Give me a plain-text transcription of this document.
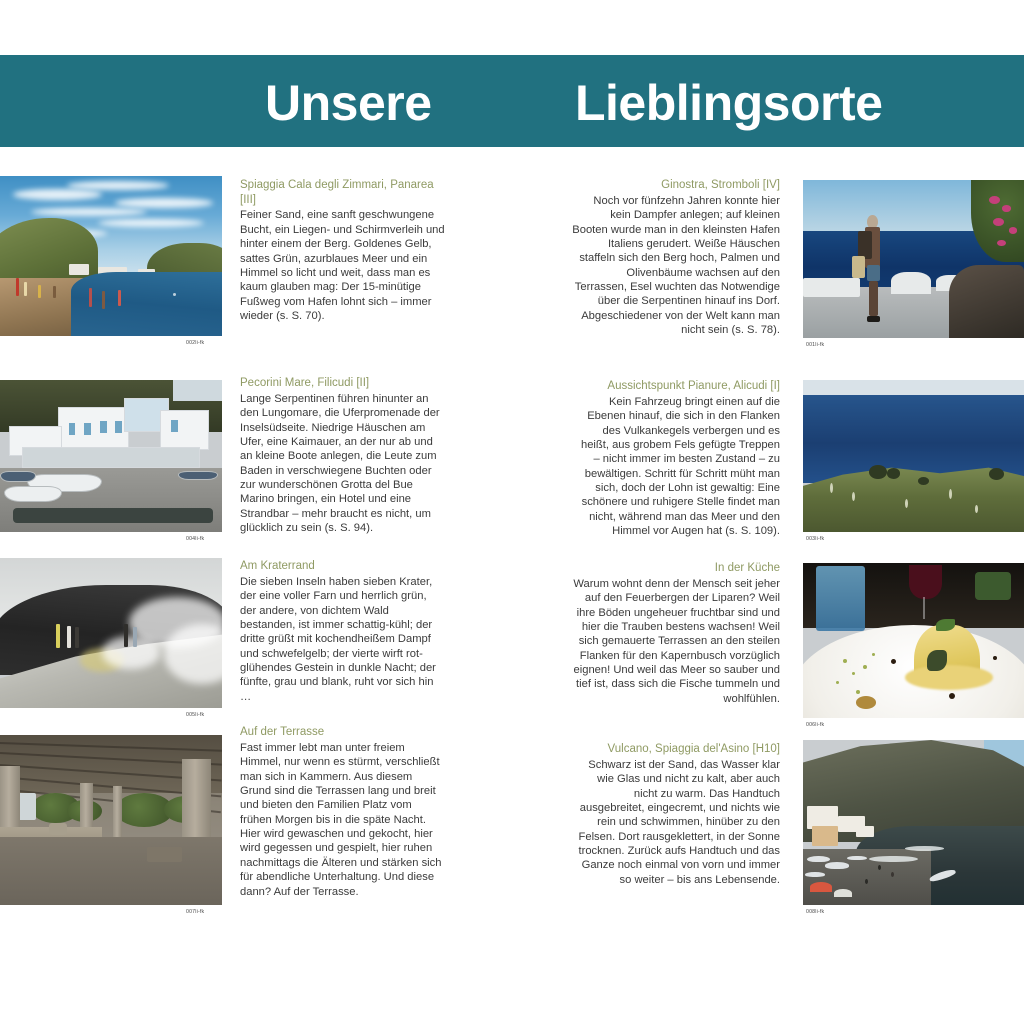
Unsere	Lieblingsorte
002li-fk
004li-fk
005li-fk
007li-fk
001li-fk
003li-fk
006li-fk
008li-fk
Spiaggia Cala degli Zimmari, Panarea [III]
Feiner Sand, eine sanft geschwungene Bucht, ein Liegen- und Schirmverleih und hinter einem der Berg. Goldenes Gelb, sattes Grün, azurblaues Meer und ein Himmel so licht und weit, dass man es kaum glauben mag: Der 15-minütige Fußweg vom Hafen lohnt sich – immer wieder (s. S. 70).
Pecorini Mare, Filicudi [II]
Lange Serpentinen führen hinunter an den Lungomare, die Uferpromenade der Inselsüdseite. Niedrige Häuschen am Ufer, eine Kaimauer, an der nur ab und an kleine Boote anlegen, die Leute zum Baden in verschwiegene Buchten oder zur wunderschönen Grotta del Bue Marino bringen, ein Hotel und eine Strandbar – mehr braucht es nicht, um glücklich zu sein (s. S. 94).
Am Kraterrand
Die sieben Inseln haben sieben Krater, der eine voller Farn und herrlich grün, der andere, von dichtem Wald bestanden, ist immer schattig-kühl; der dritte grüßt mit kochendheißem Dampf und schwefelgelb; der vierte wirft rot-glühendes Gestein in dunkle Nacht; der fünfte, grau und blank, ruht vor sich hin …
Auf der Terrasse
Fast immer lebt man unter freiem Himmel, nur wenn es stürmt, verschließt man sich in Kammern. Aus diesem Grund sind die Terrassen lang und breit und bieten den Familien Platz vom frühen Morgen bis in die späte Nacht. Hier wird gewaschen und gekocht, hier wird gegessen und gespielt, hier ruhen nachmittags die Älteren und stärken sich für abendliche Unterhaltung. Und diese dann? Auf der Terrasse.
Ginostra, Stromboli [IV]
Noch vor fünfzehn Jahren konnte hier kein Dampfer anlegen; auf kleinen Booten wurde man in den kleinsten Hafen Italiens gerudert. Weiße Häuschen staffeln sich den Berg hoch, Palmen und Olivenbäume wachsen auf den Terrassen, Esel wuchten das Notwendige über die Serpentinen hinauf ins Dorf. Abgeschiedener von der Welt kann man nicht sein (s. S. 78).
Aussichtspunkt Pianure, Alicudi [I]
Kein Fahrzeug bringt einen auf die Ebenen hinauf, die sich in den Flanken des Vulkankegels verbergen und es heißt, aus grobem Fels gefügte Treppen – nicht immer im besten Zustand – zu bewältigen. Schritt für Schritt müht man sich, doch der Lohn ist gewaltig: Eine schönere und ruhigere Stelle findet man nicht, während man das Meer und den Himmel vor Augen hat (s. S. 109).
In der Küche
Warum wohnt denn der Mensch seit jeher auf den Feuerbergen der Liparen? Weil ihre Böden ungeheuer fruchtbar sind und hier die Trauben bestens wachsen! Weil sich gemauerte Terrassen an den steilen Flanken für den Kapernbusch vorzüglich eignen! Und weil das Meer so sauber und tief ist, dass sich die Fische tummeln und wohlfühlen.
Vulcano, Spiaggia del'Asino [H10]
Schwarz ist der Sand, das Wasser klar wie Glas und nicht zu kalt, aber auch nicht zu warm. Das Handtuch ausgebreitet, eingecremt, und nichts wie rein und schwimmen, hinüber zu den Felsen. Dort rausgeklettert, in der Sonne trocknen. Zurück aufs Handtuch und das Ganze noch einmal von vorn und immer so weiter – bis ans Lebensende.
